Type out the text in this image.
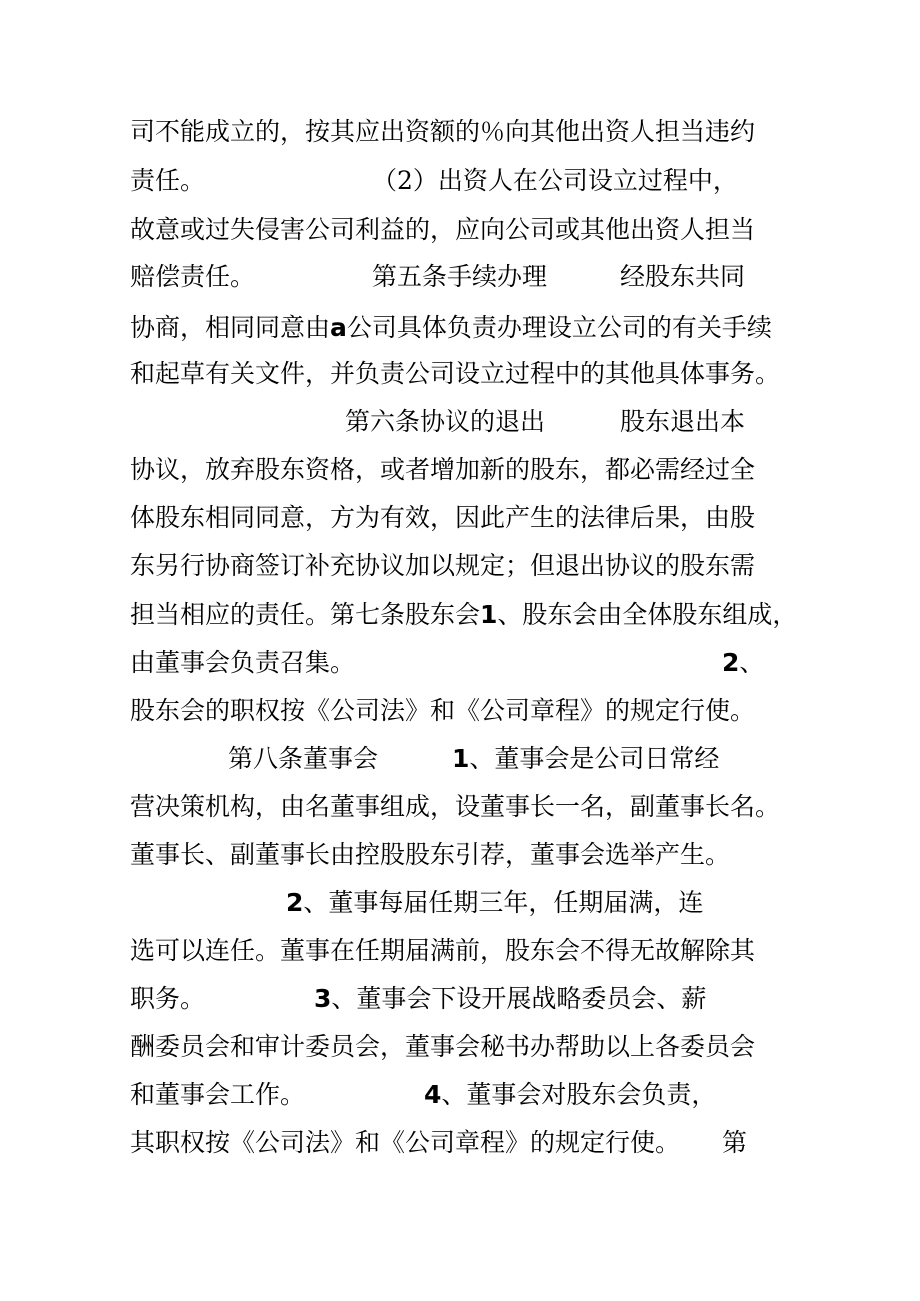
司不能成立的，按其应出资额的％向其他出资人担当违约

责任。

	（2）出资人在公司设立过程中，

故意或过失侵害公司利益的，应向公司或其他出资人担当

赔偿责任。

	第五条手续办理

	经股东共同

协商，相同同意由a公司具体负责办理设立公司的有关手续

和起草有关文件，并负责公司设立过程中的其他具体事务。

第六条协议的退出

	股东退出本

协议，放弃股东资格，或者增加新的股东，都必需经过全

体股东相同同意，方为有效，因此产生的法律后果，由股

东另行协商签订补充协议加以规定；但退出协议的股东需

担当相应的责任。第七条股东会1、股东会由全体股东组成，

由董事会负责召集。

	2、

股东会的职权按《公司法》和《公司章程》的规定行使。

第八条董事会

	1、董事会是公司日常经

营决策机构，由名董事组成，设董事长一名，副董事长名。

董事长、副董事长由控股股东引荐，董事会选举产生。

2、董事每届任期三年，任期届满，连

选可以连任。董事在任期届满前，股东会不得无故解除其

职务。

	3、董事会下设开展战略委员会、薪

酬委员会和审计委员会，董事会秘书办帮助以上各委员会

和董事会工作。

	4、董事会对股东会负责，

其职权按《公司法》和《公司章程》的规定行使。

第
